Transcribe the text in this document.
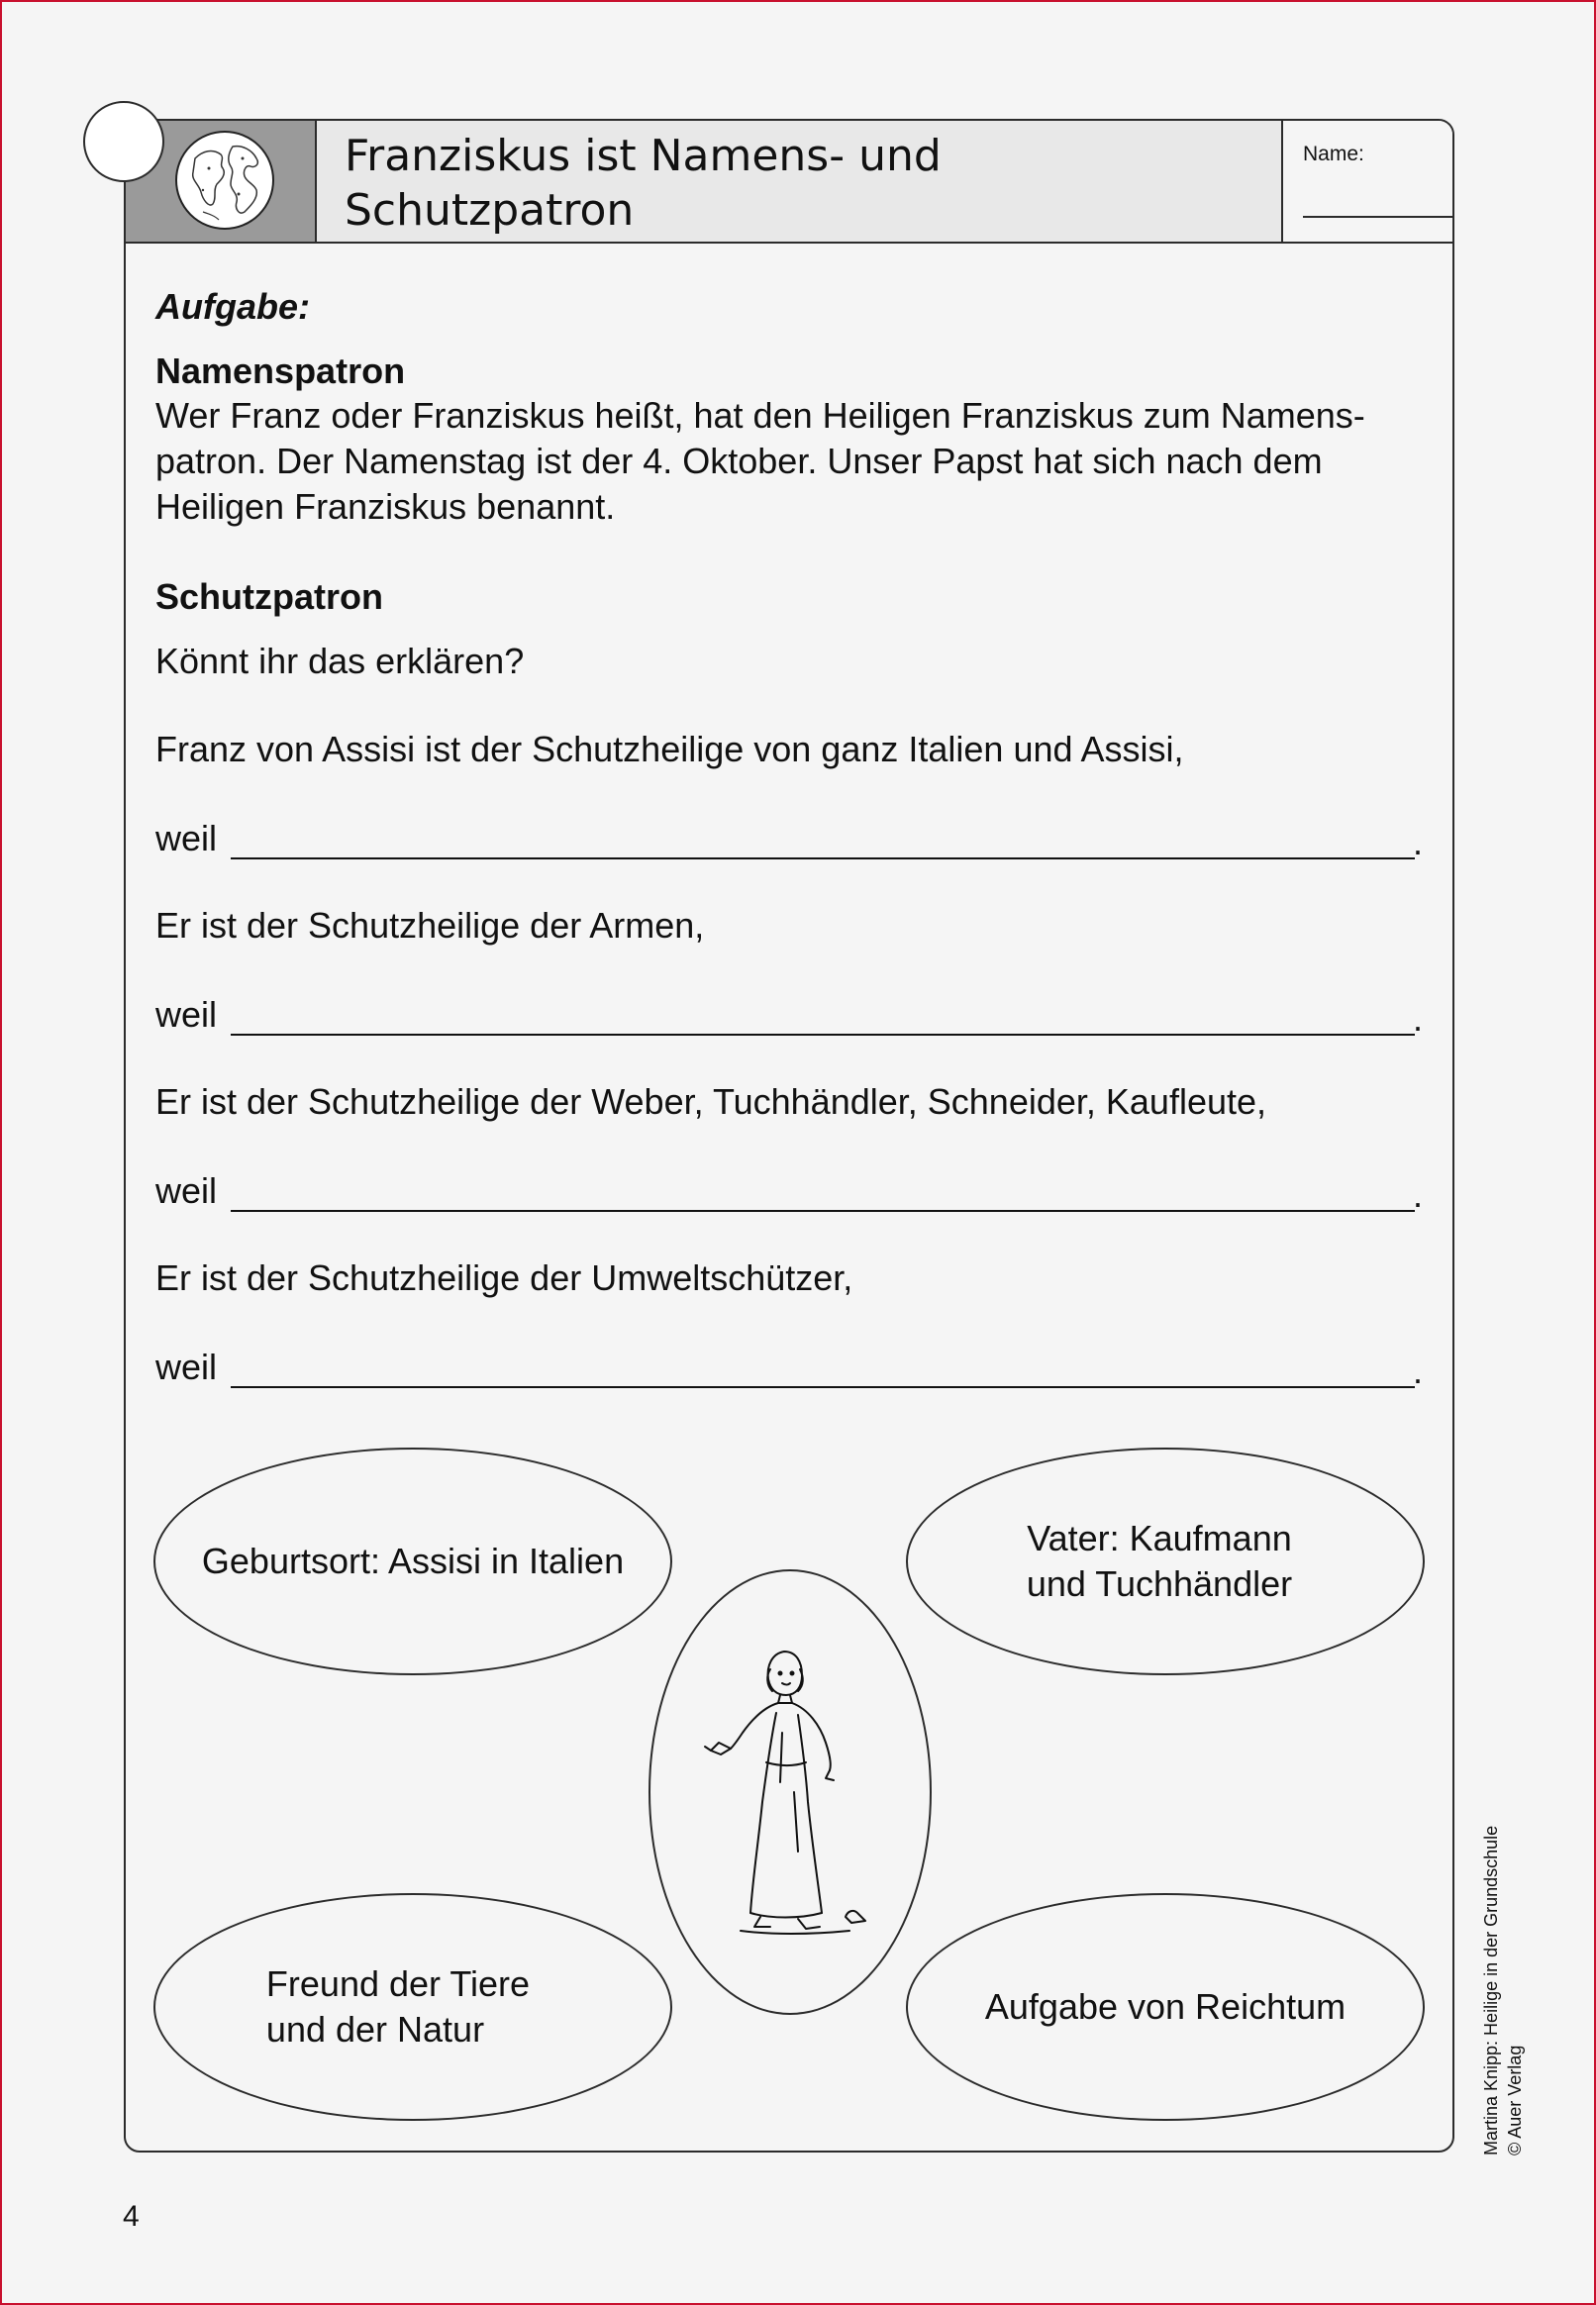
Franziskus ist Namens- und
Schutzpatron
Name:
Aufgabe:
Namenspatron
Wer Franz oder Franziskus heißt, hat den Heiligen Franziskus zum Namens-
patron. Der Namenstag ist der 4. Oktober. Unser Papst hat sich nach dem
Heiligen Franziskus benannt.
Schutzpatron
Könnt ihr das erklären?
Franz von Assisi ist der Schutzheilige von ganz Italien und Assisi,
weil	.
Er ist der Schutzheilige der Armen,
weil	.
Er ist der Schutzheilige der Weber, Tuchhändler, Schneider, Kaufleute,
weil	.
Er ist der Schutzheilige der Umweltschützer,
weil	.
Geburtsort: Assisi in Italien
Vater: Kaufmann
und Tuchhändler
Freund der Tiere
und der Natur
Aufgabe von Reichtum
4
Martina Knipp: Heilige in der Grundschule © Auer Verlag
